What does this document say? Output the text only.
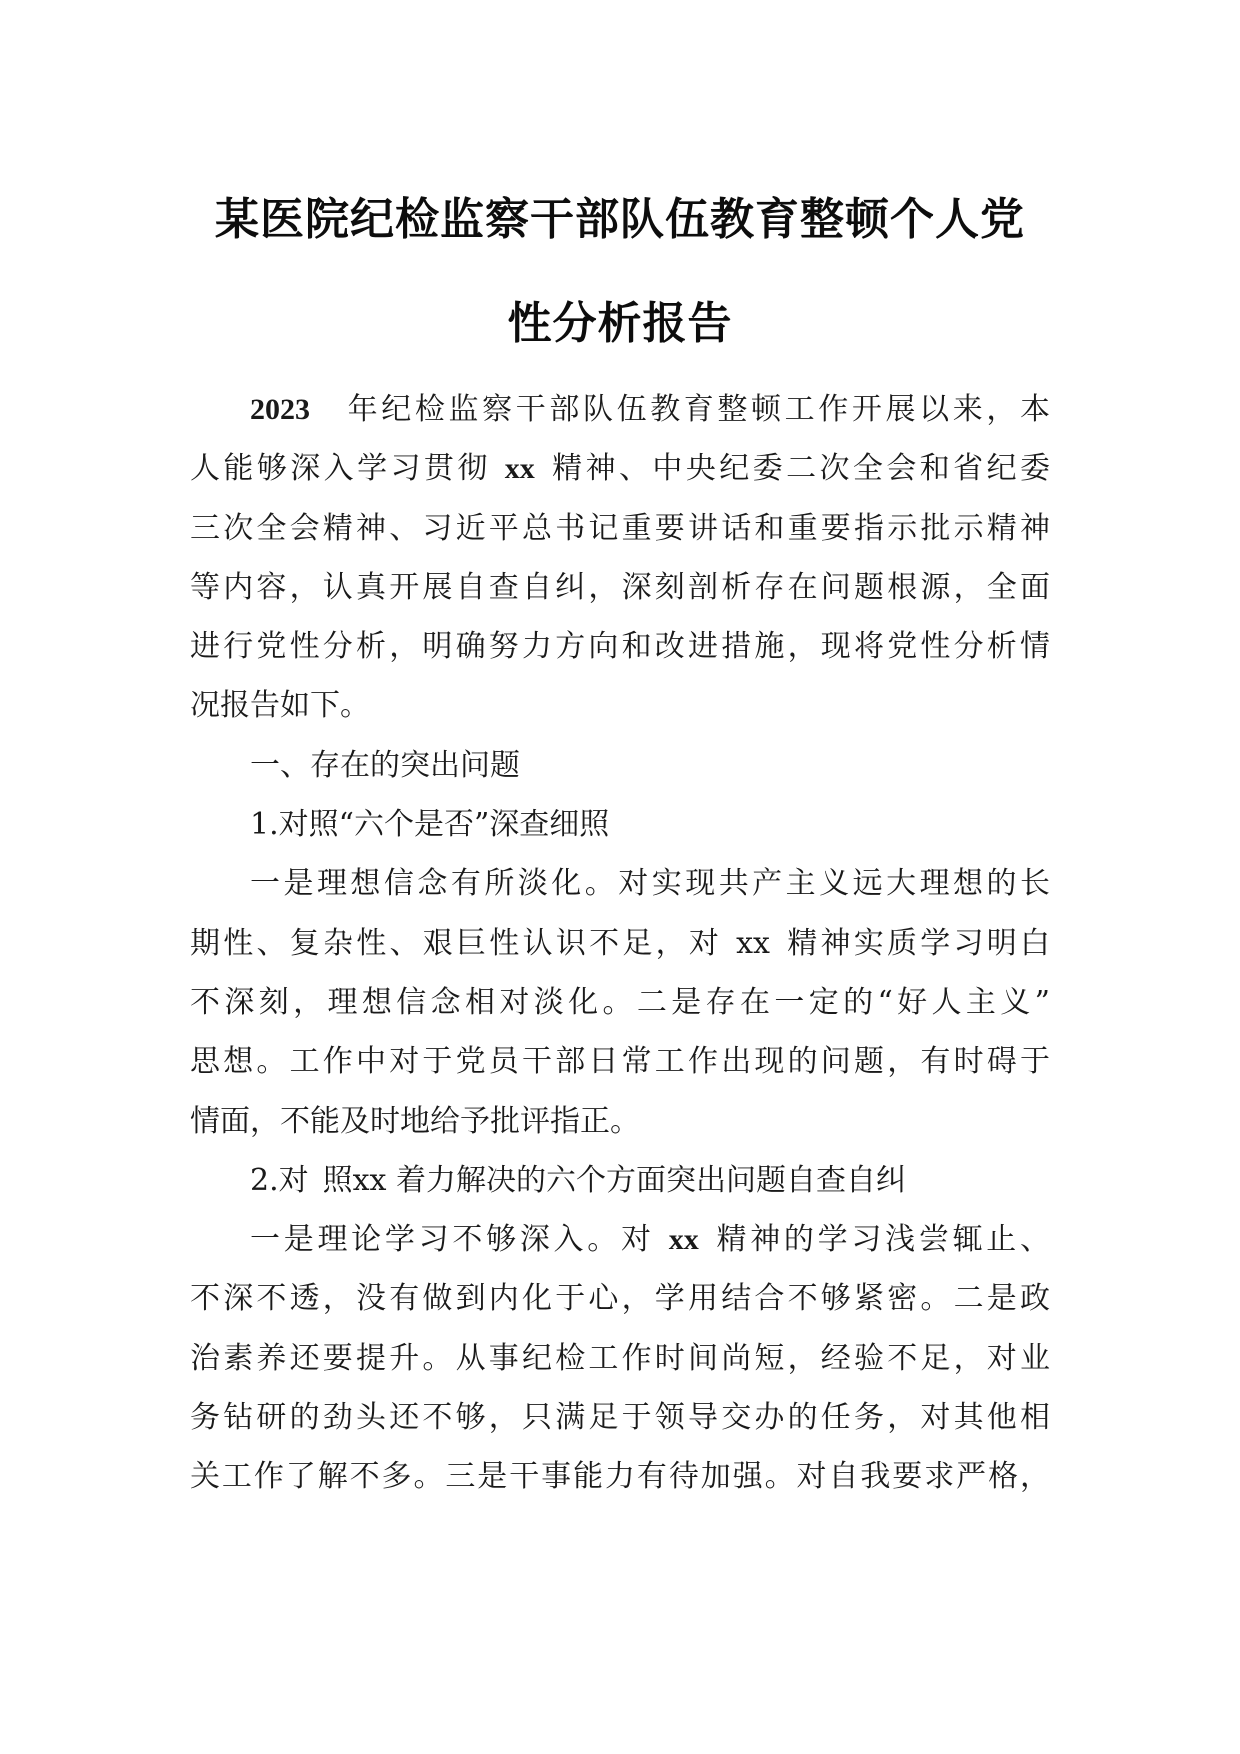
某医院纪检监察干部队伍教育整顿个人党
性分析报告
2023 年纪检监察干部队伍教育整顿工作开展以来，本
人能够深入学习贯彻 xx 精神、中央纪委二次全会和省纪委
三次全会精神、习近平总书记重要讲话和重要指示批示精神
等内容，认真开展自查自纠，深刻剖析存在问题根源，全面
进行党性分析，明确努力方向和改进措施，现将党性分析情
况报告如下。
一、存在的突出问题
1.对照“六个是否”深查细照
一是理想信念有所淡化。对实现共产主义远大理想的长
期性、复杂性、艰巨性认识不足，对 xx 精神实质学习明白
不深刻，理想信念相对淡化。二是存在一定的“好人主义”
思想。工作中对于党员干部日常工作出现的问题，有时碍于
情面，不能及时地给予批评指正。
2.对 照xx 着力解决的六个方面突出问题自查自纠
一是理论学习不够深入。对 xx 精神的学习浅尝辄止、
不深不透，没有做到内化于心，学用结合不够紧密。二是政
治素养还要提升。从事纪检工作时间尚短，经验不足，对业
务钻研的劲头还不够，只满足于领导交办的任务，对其他相
关工作了解不多。三是干事能力有待加强。对自我要求严格，
